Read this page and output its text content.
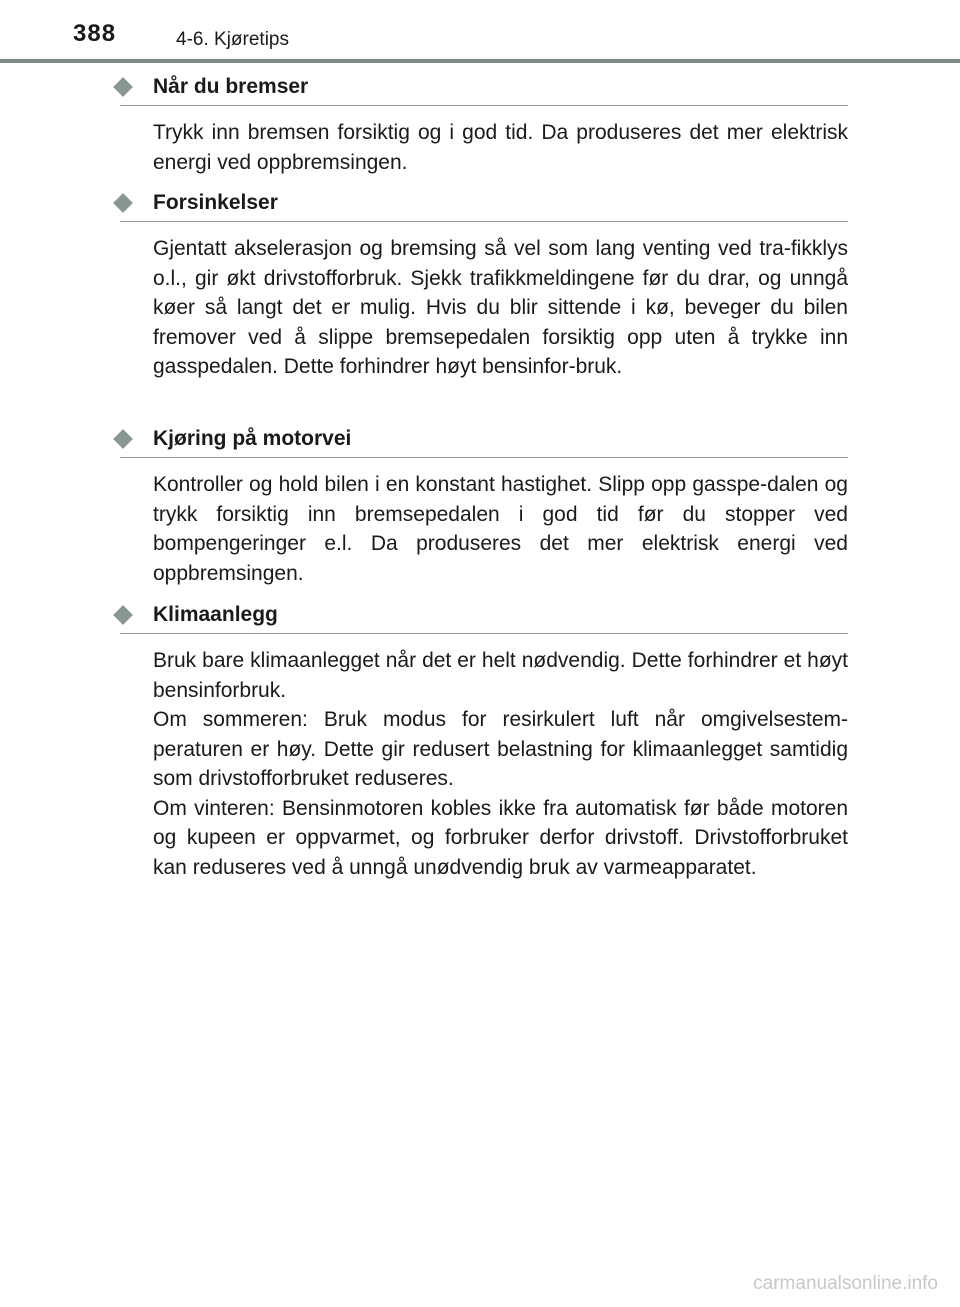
388	4-6. Kjøretips
Når du bremser

Trykk inn bremsen forsiktig og i god tid. Da produseres det mer elektrisk energi ved oppbremsingen.

Forsinkelser

Gjentatt akselerasjon og bremsing så vel som lang venting ved tra-fikklys o.l., gir økt drivstofforbruk. Sjekk trafikkmeldingene før du drar, og unngå køer så langt det er mulig. Hvis du blir sittende i kø, beveger du bilen fremover ved å slippe bremsepedalen forsiktig opp uten å trykke inn gasspedalen. Dette forhindrer høyt bensinfor-bruk.

Kjøring på motorvei

Kontroller og hold bilen i en konstant hastighet. Slipp opp gasspe-dalen og trykk forsiktig inn bremsepedalen i god tid før du stopper ved bompengeringer e.l. Da produseres det mer elektrisk energi ved oppbremsingen.

Klimaanlegg

Bruk bare klimaanlegget når det er helt nødvendig. Dette forhindrer et høyt bensinforbruk.

Om sommeren: Bruk modus for resirkulert luft når omgivelsestem-peraturen er høy. Dette gir redusert belastning for klimaanlegget samtidig som drivstofforbruket reduseres.

Om vinteren: Bensinmotoren kobles ikke fra automatisk før både motoren og kupeen er oppvarmet, og forbruker derfor drivstoff. Drivstofforbruket kan reduseres ved å unngå unødvendig bruk av varmeapparatet.

carmanualsonline.info
